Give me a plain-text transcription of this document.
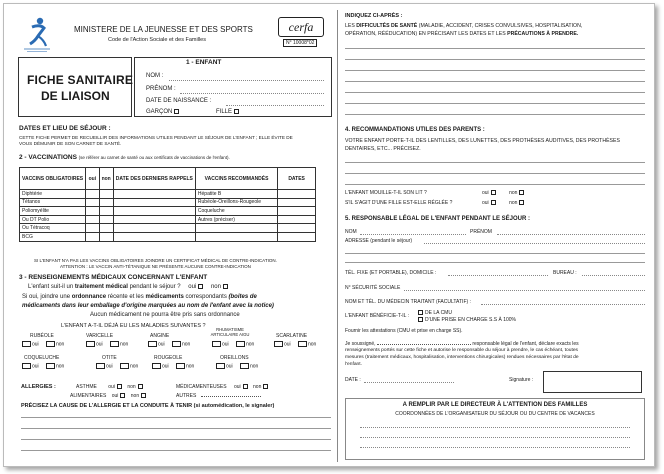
MINISTERE DE LA JEUNESSE ET DES SPORTS
Code de l'Action Sociale et des Familles
cerfa
N° 10008*02
FICHE SANITAIRE
DE LIAISON
1 - ENFANT
NOM :
PRÉNOM :
DATE DE NAISSANCE :
GARÇON	FILLE
DATES ET LIEU DE SÉJOUR :
CETTE FICHE PERMET DE RECUEILLIR DES INFORMATIONS UTILES PENDANT LE SÉJOUR DE L'ENFANT ; ELLE ÉVITE DE
VOUS DÉMUNIR DE SON CARNET DE SANTÉ.
2 - VACCINATIONS (se référer au carnet de santé ou aux certificats de vaccinations de l'enfant).
VACCINS OBLIGATOIRES	oui	non	DATE DES DERNIERS RAPPELS	VACCINS RECOMMANDÉS	DATES
Diphtérie				Hépatite B	
Tétanos				Rubéole-Oreillons-Rougeole	
Poliomyélite				Coqueluche	
Ou DT Polio				Autres (préciser)	
Ou Tétracoq					
BCG					
SI L'ENFANT N'A PAS LES VACCINS OBLIGATOIRES JOINDRE UN CERTIFICAT MÉDICAL DE CONTRE-INDICATION.
ATTENTION : LE VACCIN ANTI-TÉTANIQUE NE PRÉSENTE AUCUNE CONTRE-INDICATION
3 - RENSEIGNEMENTS MÉDICAUX CONCERNANT L'ENFANT
L'enfant suit-il un traitement médical pendant le séjour ? oui non
Si oui, joindre une ordonnance récente et les médicaments correspondants (boites de
médicaments dans leur emballage d'origine marquées au nom de l'enfant avec la notice)
Aucun médicament ne pourra être pris sans ordonnance
L'ENFANT A-T-IL DÉJÀ EU LES MALADIES SUIVANTES ?
RUBÉOLE	VARICELLE	ANGINE
RHUMATISME ARTICULAIRE AIGU	SCARLATINE
oui	non	oui	non	oui	non	oui	non	oui	non
COQUELUCHE	OTITE	ROUGEOLE	OREILLONS
oui	non	oui	non	oui	non	oui	non
ALLERGIES :	ASTHME oui non	MÉDICAMENTEUSES oui non
ALIMENTAIRES oui non	AUTRES
PRÉCISEZ LA CAUSE DE L'ALLERGIE ET LA CONDUITE À TENIR (si automédication, le signaler)
INDIQUEZ CI-APRÈS :
LES DIFFICULTÉS DE SANTÉ (MALADIE, ACCIDENT, CRISES CONVULSIVES, HOSPITALISATION,
OPÉRATION, RÉÉDUCATION) EN PRÉCISANT LES DATES ET LES PRÉCAUTIONS À PRENDRE.
4. RECOMMANDATIONS UTILES DES PARENTS :
VOTRE ENFANT PORTE-T-IL DES LENTILLES, DES LUNETTES, DES PROTHÈSES AUDITIVES, DES PROTHÈSES
DENTAIRES, ETC... PRÉCISEZ.
L'ENFANT MOUILLE-T-IL SON LIT ?	oui	non
S'IL S'AGIT D'UNE FILLE EST-ELLE RÉGLÉE ?	oui	non
5. RESPONSABLE LÉGAL DE L'ENFANT PENDANT LE SÉJOUR :
NOM	PRÉNOM
ADRESSE (pendant le séjour)
TÉL. FIXE (ET PORTABLE), DOMICILE :	BUREAU :
N° SÉCURITÉ SOCIALE
NOM ET TÉL. DU MÉDECIN TRAITANT (FACULTATIF) :
L'ENFANT BÉNÉFICIE-T-IL :	DE LA CMU
D'UNE PRISE EN CHARGE S.S À 100%
Fournir les attestations (CMU et prise en charge SS).
Je soussigné,	responsable légal de l'enfant, déclare exacts les
renseignements portés sur cette fiche et autorise le responsable du séjour à prendre, le cas échéant, toutes
mesures (traitement médicaux, hospitalisation, interventions chirurgicales) rendues nécessaires par l'état de
l'enfant.
DATE :	Signature :
A REMPLIR PAR LE DIRECTEUR À L'ATTENTION DES FAMILLES
COORDONNÉES DE L'ORGANISATEUR DU SÉJOUR OU DU CENTRE DE VACANCES
